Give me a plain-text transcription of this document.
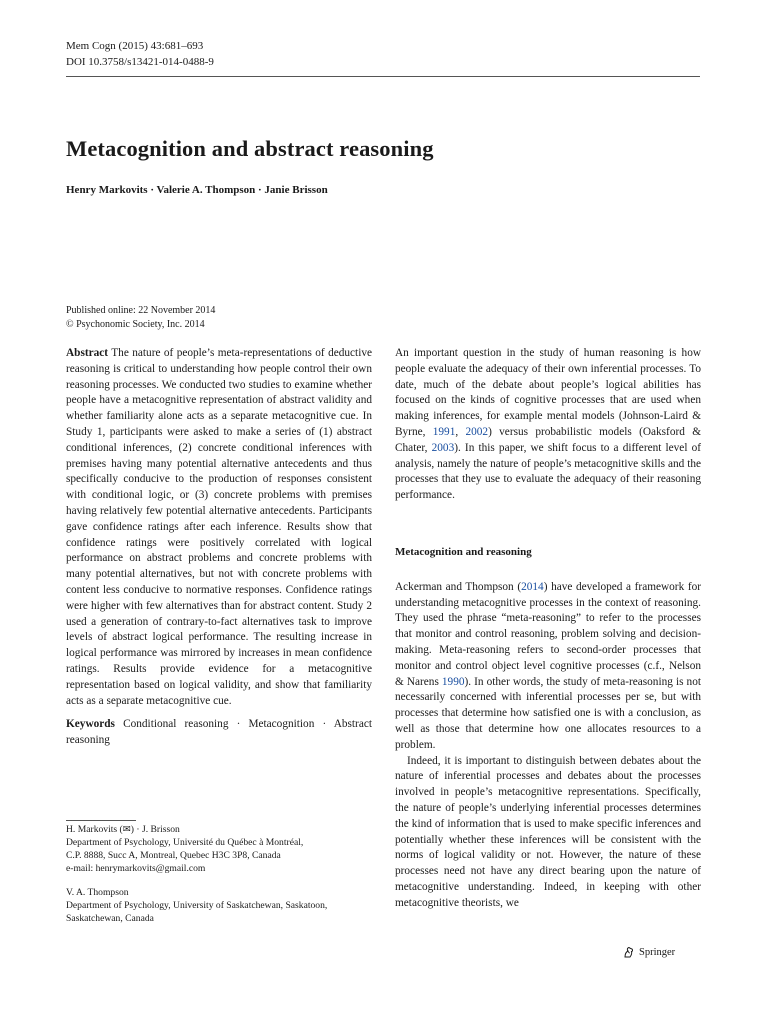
Mem Cogn (2015) 43:681–693
DOI 10.3758/s13421-014-0488-9
Metacognition and abstract reasoning
Henry Markovits · Valerie A. Thompson · Janie Brisson
Published online: 22 November 2014
© Psychonomic Society, Inc. 2014

Abstract The nature of people’s meta-representations of deductive reasoning is critical to understanding how people control their own reasoning processes. We conducted two studies to examine whether people have a metacognitive representation of abstract validity and whether familiarity alone acts as a separate metacognitive cue. In Study 1, participants were asked to make a series of (1) abstract conditional inferences, (2) concrete conditional inferences with premises having many potential alternative antecedents and thus specifically conducive to the production of responses consistent with conditional logic, or (3) concrete problems with premises having relatively few potential alternative antecedents. Participants gave confidence ratings after each inference. Results show that confidence ratings were positively correlated with logical performance on abstract problems and concrete problems with many potential alternatives, but not with concrete problems with content less conducive to normative responses. Confidence ratings were higher with few alternatives than for abstract content. Study 2 used a generation of contrary-to-fact alternatives task to improve levels of abstract logical performance. The resulting increase in logical performance was mirrored by increases in mean confidence ratings. Results provide evidence for a metacognitive representation based on logical validity, and show that familiarity acts as a separate metacognitive cue.

Keywords Conditional reasoning · Metacognition · Abstract reasoning

H. Markovits (✉) · J. Brisson

Department of Psychology, Université du Québec à Montréal,

C.P. 8888, Succ A, Montreal, Quebec H3C 3P8, Canada

e-mail: henrymarkovits@gmail.com

V. A. Thompson

Department of Psychology, University of Saskatchewan, Saskatoon,

Saskatchewan, Canada

An important question in the study of human reasoning is how people evaluate the adequacy of their own inferential processes. To date, much of the debate about people’s logical abilities has focused on the kinds of cognitive processes that are used when making inferences, for example mental models (Johnson-Laird & Byrne, 1991, 2002) versus probabilistic models (Oaksford & Chater, 2003). In this paper, we shift focus to a different level of analysis, namely the nature of people’s metacognitive skills and the processes that they use to evaluate the adequacy of their reasoning performance.

Metacognition and reasoning

Ackerman and Thompson (2014) have developed a framework for understanding metacognitive processes in the context of reasoning. They used the phrase “meta-reasoning” to refer to the processes that monitor and control reasoning, problem solving and decision-making. Meta-reasoning refers to second-order processes that monitor and control object level cognitive processes (c.f., Nelson & Narens 1990). In other words, the study of meta-reasoning is not necessarily concerned with inferential processes per se, but with processes that determine how satisfied one is with a conclusion, as well as those that determine how one allocates resources to a problem.

Indeed, it is important to distinguish between debates about the nature of inferential processes and debates about the processes involved in people’s metacognitive representations. Specifically, the nature of people’s underlying inferential processes determines the kind of information that is used to make specific inferences and potentially whether these inferences will be consistent with the norms of logical validity or not. However, the nature of these processes need not have any direct bearing upon the nature of metacognitive understanding. Indeed, in keeping with other metacognitive theorists, we

Springer
